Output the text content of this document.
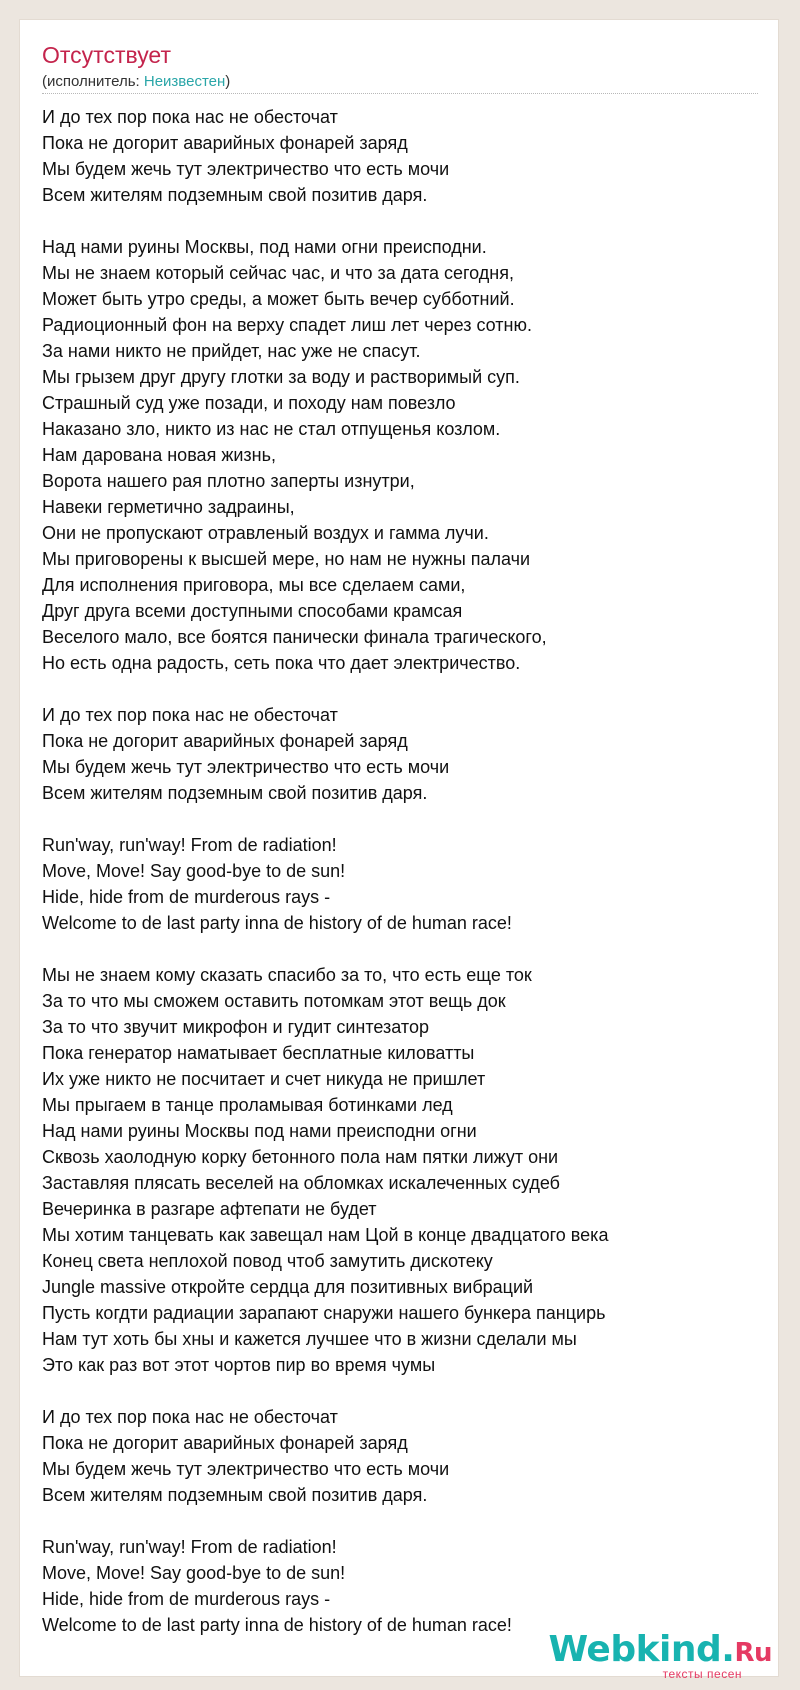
Отсутствует
(исполнитель: Неизвестен)
И до тех пор пока нас не обесточат
Пока не догорит аварийных фонарей заряд
Мы будем жечь тут электричество что есть мочи
Всем жителям подземным свой позитив даря.
Над нами руины Москвы, под нами огни преисподни.
Мы не знаем который сейчас час, и что за дата сегодня,
Может быть утро среды, а может быть вечер субботний.
Радиоционный фон на верху спадет лиш лет через сотню.
За нами никто не прийдет, нас уже не спасут.
Мы грызем друг другу глотки за воду и растворимый суп.
Страшный суд уже позади, и походу нам повезло
Наказано зло, никто из нас не стал отпущенья козлом.
Нам дарована новая жизнь,
Ворота нашего рая плотно заперты изнутри,
Навеки герметично задраины,
Они не пропускают отравленый воздух и гамма лучи.
Мы приговорены к высшей мере, но нам не нужны палачи
Для исполнения приговора, мы все сделаем сами,
Друг друга всеми доступными способами крамсая
Веселого мало, все боятся панически финала трагического,
Но есть одна радость, сеть пока что дает электричество.
И до тех пор пока нас не обесточат
Пока не догорит аварийных фонарей заряд
Мы будем жечь тут электричество что есть мочи
Всем жителям подземным свой позитив даря.
Run'way, run'way! From de radiation!
Move, Move! Say good-bye to de sun!
Hide, hide from de murderous rays -
Welcome to de last party inna de history of de human race!
Мы не знаем кому сказать спасибо за то, что есть еще ток
За то что мы сможем оставить потомкам этот вещь док
За то что звучит микрофон и гудит синтезатор
Пока генератор наматывает бесплатные киловатты
Их уже никто не посчитает и счет никуда не пришлет
Мы прыгаем в танце проламывая ботинками лед
Над нами руины Москвы под нами преисподни огни
Сквозь хаолодную корку бетонного пола нам пятки лижут они
Заставляя плясать веселей на обломках искалеченных судеб
Вечеринка в разгаре афтепати не будет
Мы хотим танцевать как завещал нам Цой в конце двадцатого века
Конец света неплохой повод чтоб замутить дискотеку
Jungle massive откройте сердца для позитивных вибраций
Пусть когдти радиации зарапают снаружи нашего бункера панцирь
Нам тут хоть бы хны и кажется лучшее что в жизни сделали мы
Это как раз вот этот чортов пир во время чумы
И до тех пор пока нас не обесточат
Пока не догорит аварийных фонарей заряд
Мы будем жечь тут электричество что есть мочи
Всем жителям подземным свой позитив даря.
Run'way, run'way! From de radiation!
Move, Move! Say good-bye to de sun!
Hide, hide from de murderous rays -
Welcome to de last party inna de history of de human race!
Webkind.Ru
тексты песен
